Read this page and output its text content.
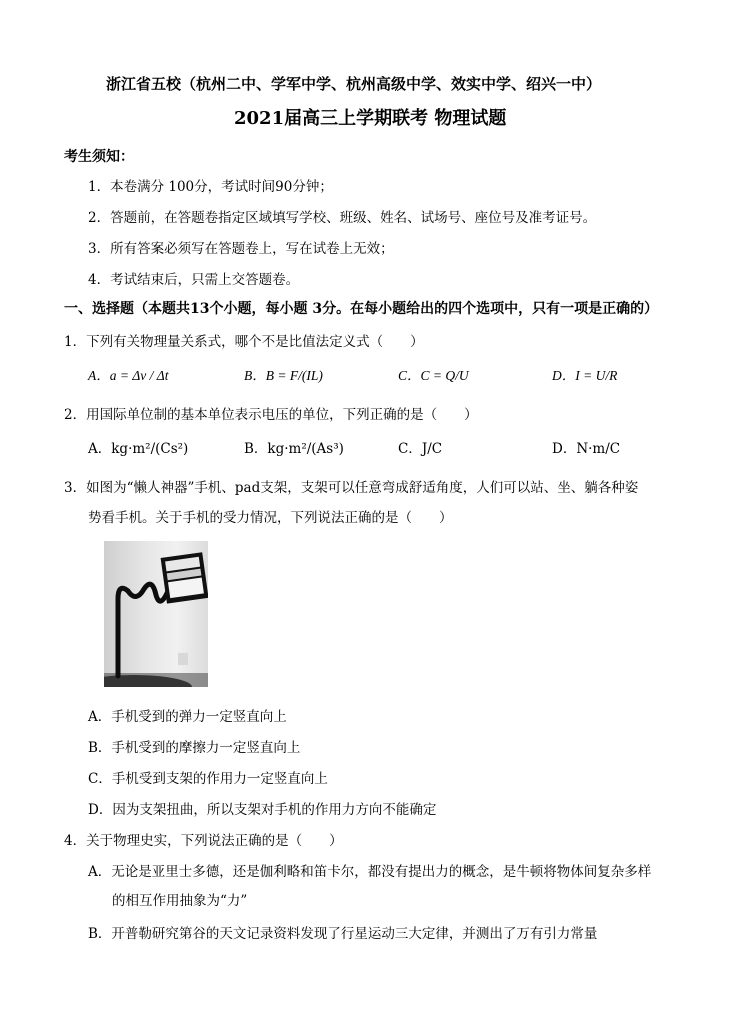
浙江省五校（杭州二中、学军中学、杭州高级中学、效实中学、绍兴一中）
2021届高三上学期联考 物理试题
考生须知：
1．本卷满分 100分，考试时间90分钟；
2．答题前，在答题卷指定区域填写学校、班级、姓名、试场号、座位号及准考证号。
3．所有答案必须写在答题卷上，写在试卷上无效；
4．考试结束后，只需上交答题卷。
一、选择题（本题共13个小题，每小题 3分。在每小题给出的四个选项中，只有一项是正确的）
1．下列有关物理量关系式，哪个不是比值法定义式（　　）
A．a = Δv / Δt	B．B = F/(IL)	C．C = Q/U	D．I = U/R
2．用国际单位制的基本单位表示电压的单位，下列正确的是（　　）
A．kg·m²/(Cs²)	B．kg·m²/(As³)	C．J/C	D．N·m/C
3．如图为“懒人神器”手机、pad支架，支架可以任意弯成舒适角度，人们可以站、坐、躺各种姿
势看手机。关于手机的受力情况，下列说法正确的是（　　）
A．手机受到的弹力一定竖直向上
B．手机受到的摩擦力一定竖直向上
C．手机受到支架的作用力一定竖直向上
D．因为支架扭曲，所以支架对手机的作用力方向不能确定
4．关于物理史实，下列说法正确的是（　　）
A．无论是亚里士多德，还是伽利略和笛卡尔，都没有提出力的概念，是牛顿将物体间复杂多样
的相互作用抽象为“力”
B．开普勒研究第谷的天文记录资料发现了行星运动三大定律，并测出了万有引力常量
